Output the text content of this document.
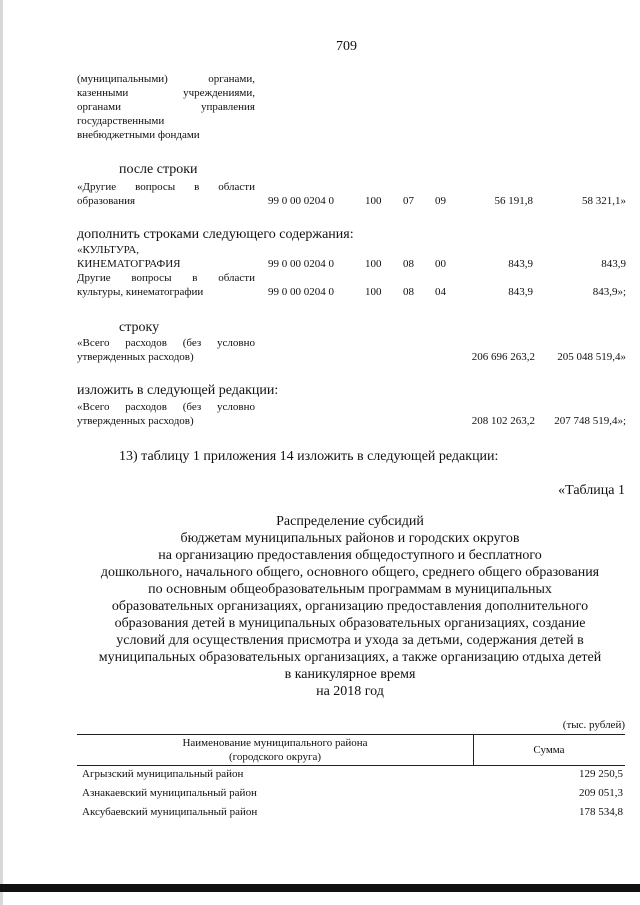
709
(муниципальными)	органами,
казенными	учреждениями,
органами	управления
государственными
внебюджетными фондами
после строки
«Другие вопросы в области
образования	99 0 00 0204 0	100 07 09	56 191,8	58 321,1»
дополнить строками следующего содержания:
«КУЛЬТУРА,
КИНЕМАТОГРАФИЯ	99 0 00 0204 0	100 08 00	843,9	843,9
Другие вопросы в области
культуры, кинематографии	99 0 00 0204 0	100 08 04	843,9	843,9»;
строку
«Всего расходов (без условно
утвержденных расходов)	206 696 263,2	205 048 519,4»
изложить в следующей редакции:
«Всего расходов (без условно
утвержденных расходов)	208 102 263,2	207 748 519,4»;
13) таблицу 1 приложения 14 изложить в следующей редакции:
«Таблица 1
Распределение субсидий
бюджетам муниципальных районов и городских округов
на организацию предоставления общедоступного и бесплатного
дошкольного, начального общего, основного общего, среднего общего образования
по основным общеобразовательным программам в муниципальных
образовательных организациях, организацию предоставления дополнительного
образования детей в муниципальных образовательных организациях, создание
условий для осуществления присмотра и ухода за детьми, содержания детей в
муниципальных образовательных организациях, а также организацию отдыха детей
в каникулярное время
на 2018 год
(тыс. рублей)
Наименование муниципального района
(городского округа)
Сумма
Агрызский муниципальный район	129 250,5
Азнакаевский муниципальный район	209 051,3
Аксубаевский муниципальный район	178 534,8
